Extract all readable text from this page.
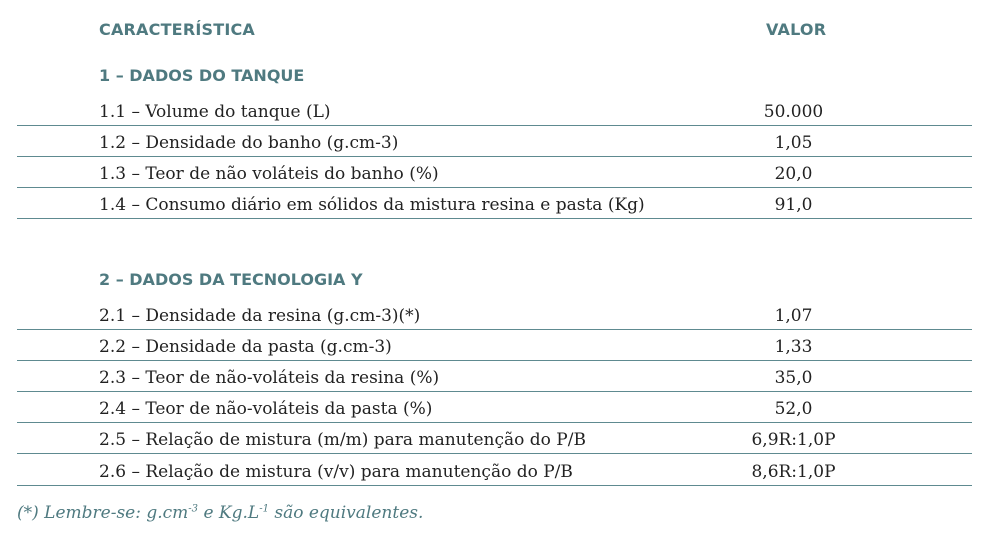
CARACTERÍSTICA	VALOR
1 – DADOS DO TANQUE
1.1 – Volume do tanque (L)	50.000
1.2 – Densidade do banho (g.cm-3)	1,05
1.3 – Teor de não voláteis do banho (%)	20,0
1.4 – Consumo diário em sólidos da mistura resina e pasta (Kg)	91,0
2 – DADOS DA TECNOLOGIA Y
2.1 – Densidade da resina (g.cm-3)(*)	1,07
2.2 – Densidade da pasta (g.cm-3)	1,33
2.3 – Teor de não-voláteis da resina (%)	35,0
2.4 – Teor de não-voláteis da pasta (%)	52,0
2.5 – Relação de mistura (m/m) para manutenção do P/B	6,9R:1,0P
2.6 – Relação de mistura (v/v) para manutenção do P/B	8,6R:1,0P
(*) Lembre-se: $g.cm^{-3}$ e $Kg.L^{-1}$ são equivalentes.
